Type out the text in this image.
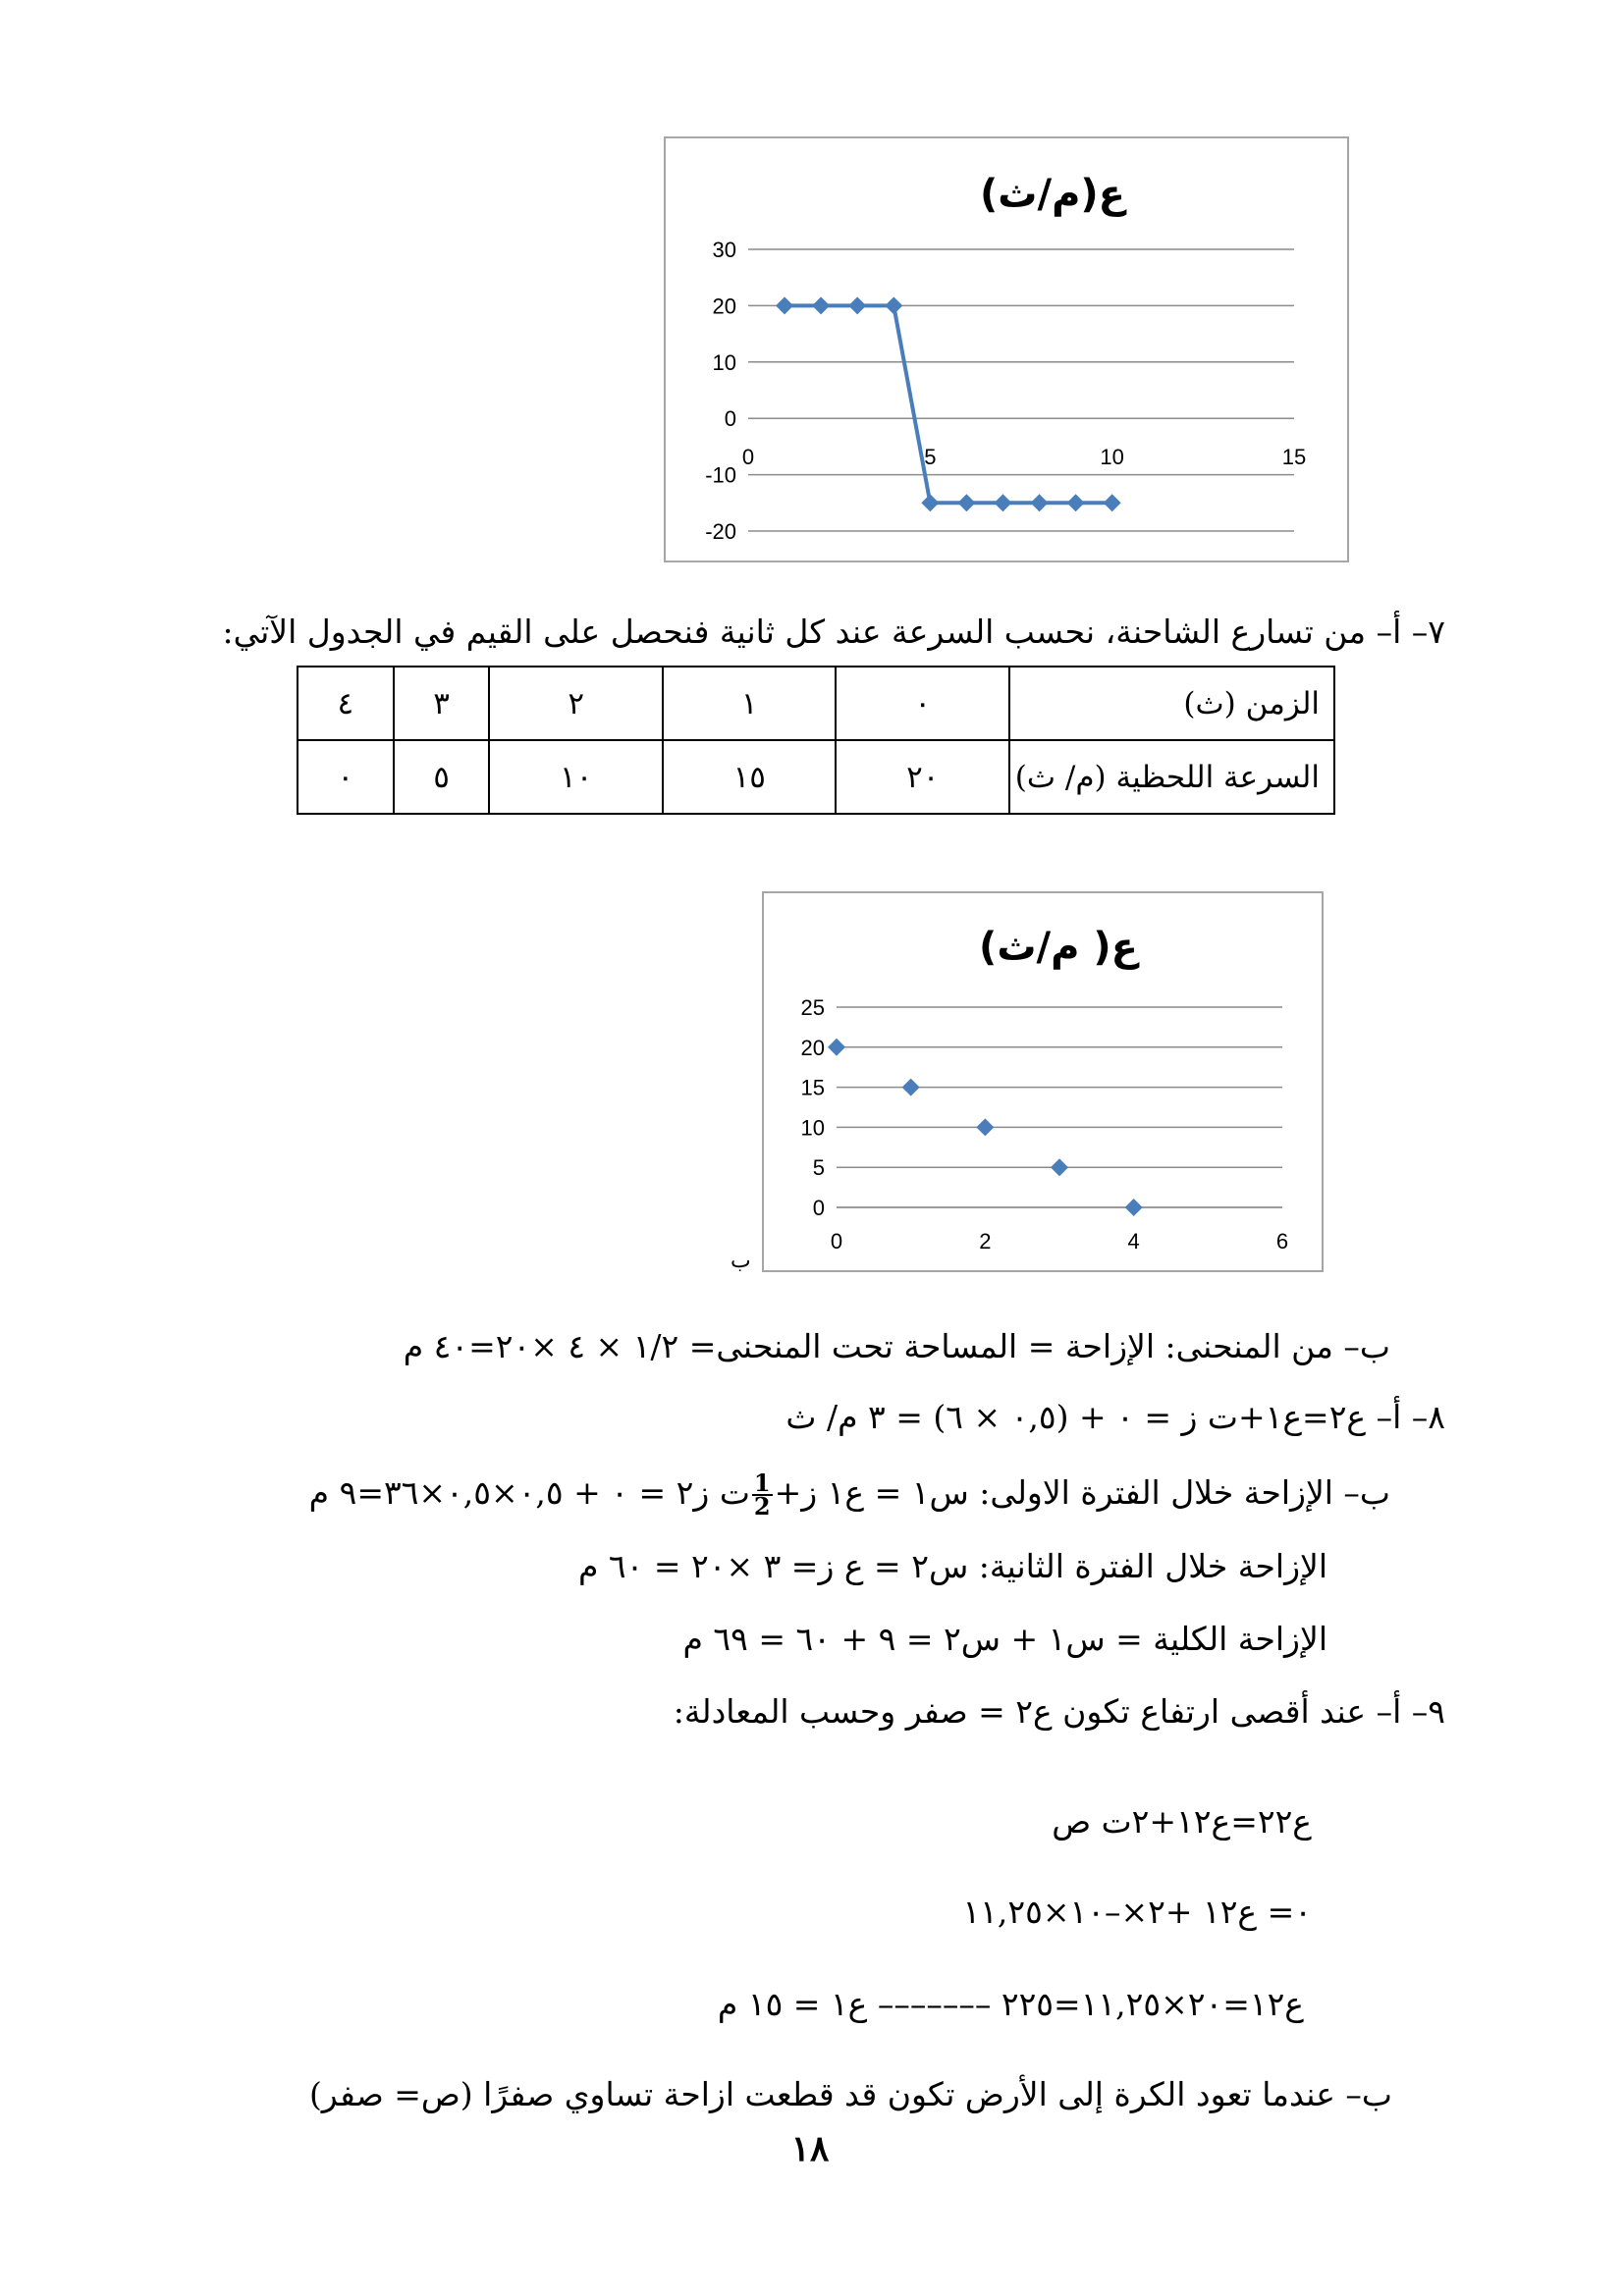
ع(م/ث)
30
20
10
0
-10
-20
0	5	10	15
٧– أ– من تسارع الشاحنة، نحسب السرعة عند كل ثانية فنحصل على القيم في الجدول الآتي:
الزمن (ث)	٠	١	٢	٣	٤
السرعة اللحظية (م/ ث)	٢٠	١٥	١٠	٥	٠
ع( م/ث)
25
20
15
10
5
0
0	2	4	6
ب
ب– من المنحنى: الإزاحة = المساحة تحت المنحنى= ١/٢ × ٤ ×٢٠=٤٠ م
٨– أ– ع٢=ع١+ت ز = ٠ + (٠,٥ × ٦) = ٣ م/ ث
ب– الإزاحة خلال الفترة الاولى: س١ = ع١ ز+
$\frac{1}{2}$
ت ز٢ = ٠ + ٠,٥×٠,٥×٣٦=٩ م
الإزاحة خلال الفترة الثانية: س٢ = ع ز= ٣ ×٢٠ = ٦٠ م
الإزاحة الكلية = س١ + س٢ = ٩ + ٦٠ = ٦٩ م
٩– أ– عند أقصى ارتفاع تكون ع٢ = صفر وحسب المعادلة:
ع٢٢=ع١٢+٢ت ص
٠= ع١٢ +٢×–١٠×١١,٢٥
ع١٢=٢٠×١١,٢٥=٢٢٥ ––––––– ع١ = ١٥ م
ب– عندما تعود الكرة إلى الأرض تكون قد قطعت ازاحة تساوي صفرًا (ص= صفر)
١٨
